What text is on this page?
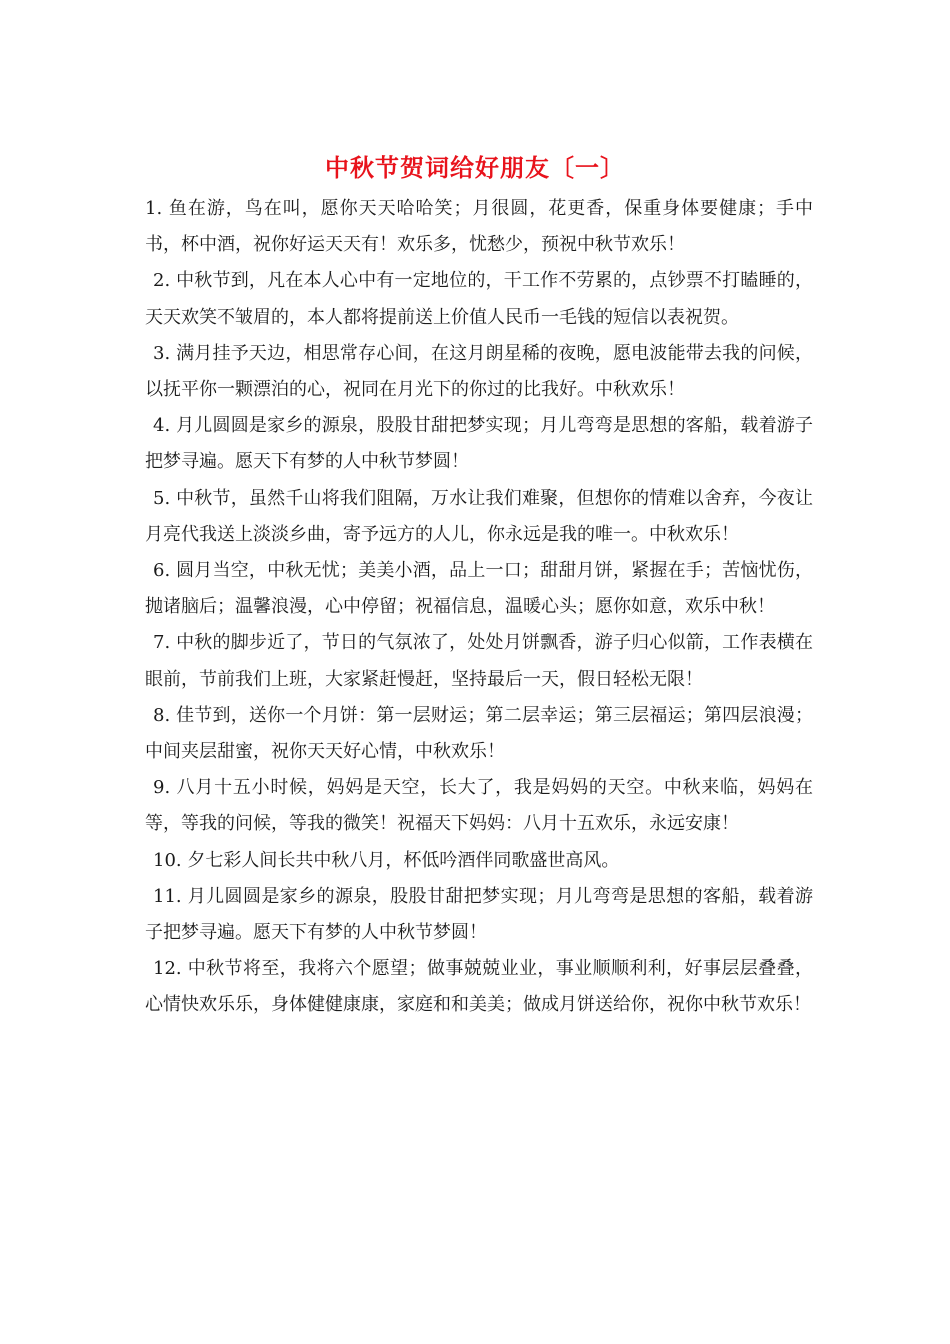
中秋节贺词给好朋友〔一〕

1. 鱼在游，鸟在叫，愿你天天哈哈笑；月很圆，花更香，保重身体要健康；手中书，杯中酒，祝你好运天天有！欢乐多，忧愁少，预祝中秋节欢乐！

2. 中秋节到，凡在本人心中有一定地位的，干工作不劳累的，点钞票不打瞌睡的，天天欢笑不皱眉的，本人都将提前送上价值人民币一毛钱的短信以表祝贺。

3. 满月挂予天边，相思常存心间，在这月朗星稀的夜晚，愿电波能带去我的问候，以抚平你一颗漂泊的心，祝同在月光下的你过的比我好。中秋欢乐！

4. 月儿圆圆是家乡的源泉，股股甘甜把梦实现；月儿弯弯是思想的客船，载着游子把梦寻遍。愿天下有梦的人中秋节梦圆！

5. 中秋节，虽然千山将我们阻隔，万水让我们难聚，但想你的情难以舍弃，今夜让月亮代我送上淡淡乡曲，寄予远方的人儿，你永远是我的唯一。中秋欢乐！

6. 圆月当空，中秋无忧；美美小酒，品上一口；甜甜月饼，紧握在手；苦恼忧伤，抛诸脑后；温馨浪漫，心中停留；祝福信息，温暖心头；愿你如意，欢乐中秋！

7. 中秋的脚步近了，节日的气氛浓了，处处月饼飘香，游子归心似箭，工作表横在眼前，节前我们上班，大家紧赶慢赶，坚持最后一天，假日轻松无限！

8. 佳节到，送你一个月饼：第一层财运；第二层幸运；第三层福运；第四层浪漫；中间夹层甜蜜，祝你天天好心情，中秋欢乐！

9. 八月十五小时候，妈妈是天空，长大了，我是妈妈的天空。中秋来临，妈妈在等，等我的问候，等我的微笑！祝福天下妈妈：八月十五欢乐，永远安康！

10. 夕七彩人间长共中秋八月，杯低吟酒伴同歌盛世高风。

11. 月儿圆圆是家乡的源泉，股股甘甜把梦实现；月儿弯弯是思想的客船，载着游子把梦寻遍。愿天下有梦的人中秋节梦圆！

12. 中秋节将至，我将六个愿望；做事兢兢业业，事业顺顺利利，好事层层叠叠，心情快欢乐乐，身体健健康康，家庭和和美美；做成月饼送给你，祝你中秋节欢乐！
